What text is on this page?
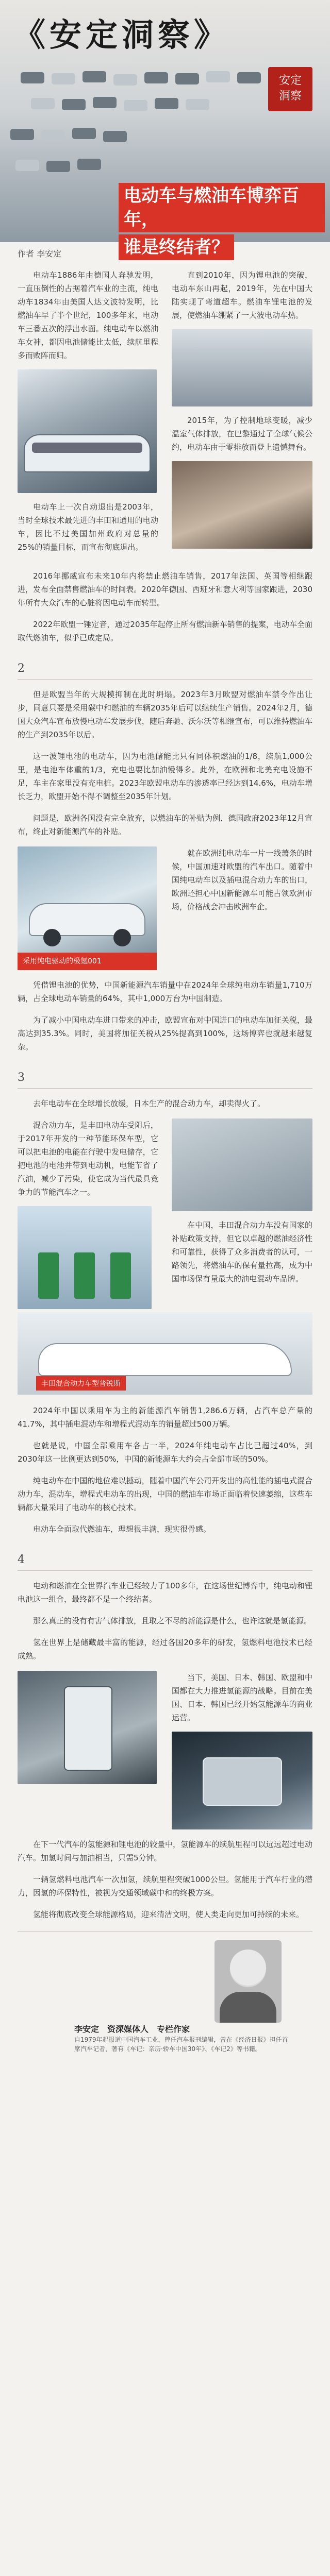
《安定洞察》
安定
洞察
电动车与燃油车博弈百年，
谁是终结者？
作者 李安定

电动车1886年由德国人奔驰发明，一直压倒性的占据着汽车业的主流，纯电动车1834年由美国人达文波特发明，比燃油车早了半个世纪，100多年来，电动车三番五次的浮出水面。纯电动车以燃油车女神，都因电池储能比太低，续航里程多而败阵而归。

电动车上一次自动退出是2003年，当时全球技术最先进的丰田和通用的电动车，因比不过美国加州政府对总量的25%的销量目标，而宣布彻底退出。

直到2010年，因为锂电池的突破，电动车东山再起，2019年，先在中国大陆实现了弯道超车。燃油车锂电池的发展，使燃油车绷紧了一大波电动车热。

2015年，为了控制地球变暖，减少温室气体排放，在巴黎通过了全球气候公约，电动车由于零排放而登上遗憾舞台。

2016年挪威宣布未来10年内将禁止燃油车销售，2017年法国、英国等相继跟进，发布全面禁售燃油车的时间表。2020年德国、西班牙和意大利等国家跟进，2030年所有大众汽车的心脏将因电动车而转型。

2022年欧盟一锤定音，通过2035年起停止所有燃油新车销售的提案，电动车全面取代燃油车，似乎已成定局。

2

但是欧盟当年的大规模抑制在此时坍塌。2023年3月欧盟对燃油车禁令作出让步，同意只要是采用碳中和燃油的车辆2035年后可以继续生产销售。2024年2月，德国大众汽车宣布放慢电动车发展步伐，随后奔驰、沃尔沃等相继宣布，可以维持燃油车的生产到2035年以后。

这一波锂电池的电动车，因为电池储能比只有同体积燃油的1/8，续航1,000公里，是电池车体重的1/3，充电也要比加油慢得多。此外，在欧洲和北美充电设施不足，车主在家里没有充电桩。2023年欧盟电动车的渗透率已经达到14.6%，电动车增长乏力，欧盟开始不得不调整至2035年计划。

问题是，欧洲各国没有完全放弃，以燃油车的补贴为例，德国政府2023年12月宣布，终止对新能源汽车的补贴。

采用纯电驱动的极氪001

就在欧洲纯电动车一片一线萧条的时候，中国加速对欧盟的汽车出口。随着中国纯电动车以及插电混合动力车的出口，欧洲还担心中国新能源车可能占领欧洲市场，价格战会冲击欧洲车企。

凭借锂电池的优势，中国新能源汽车销量中在2024年全球纯电动车销量1,710万辆，占全球电动车销量的64%，其中1,000万台为中国制造。

为了减小中国电动车进口带来的冲击，欧盟宣布对中国进口的电动车加征关税，最高达到35.3%。同时，美国将加征关税从25%提高到100%，这场博弈也就越来越复杂。

3

去年电动车在全球增长放缓，日本生产的混合动力车，却卖得火了。

混合动力车，是丰田电动车受阻后，于2017年开发的一种节能环保车型，它可以把电池的电能在行驶中发电储存，它把电池的电池并带到电动机，电能节省了汽油，减少了污染，使它成为当代最具竞争力的节能汽车之一。

在中国，丰田混合动力车没有国家的补贴政策支持，但它以卓越的燃油经济性和可靠性，获得了众多消费者的认可，一路领先，将燃油车的保有量拉高，成为中国市场保有量最大的油电混动车品牌。

丰田混合动力车型普锐斯

2024年中国以乘用车为主的新能源汽车销售1,286.6万辆，占汽车总产量的41.7%，其中插电混动车和增程式混动车的销量超过500万辆。

也就是说，中国全部乘用车各占一半，2024年纯电动车占比已超过40%，到2030年这一比例更达到50%，中国的新能源车大约会占全部市场的50%。

纯电动车在中国的地位难以撼动，随着中国汽车公司开发出的高性能的插电式混合动力车，混动车，增程式电动车的出现，中国的燃油车市场正面临着快速萎缩，这些车辆都大量采用了电动车的核心技术。

电动车全面取代燃油车，理想很丰满，现实很骨感。

4

电动和燃油在全世界汽车业已经较力了100多年，在这场世纪博弈中，纯电动和锂电池这一组合，最终都不是一个终结者。

那么真正的没有有害气体排放，且取之不尽的新能源是什么，也许这就是氢能源。

氢在世界上是储藏最丰富的能源，经过各国20多年的研发，氢燃料电池技术已经成熟。

当下，美国、日本、韩国、欧盟和中国都在大力推进氢能源的战略。目前在美国、日本、韩国已经开始氢能源车的商业运营。

在下一代汽车的氢能源和锂电池的较量中，氢能源车的续航里程可以远远超过电动汽车。加氢时间与加油相当，只需5分钟。

一辆氢燃料电池汽车一次加氢，续航里程突破1000公里。氢能用于汽车行业的潜力，因氢的环保特性，被视为交通领域碳中和的终极方案。

氢能将彻底改变全球能源格局，迎来清洁文明，使人类走向更加可持续的未来。

李安定　资深媒体人　专栏作家
自1979年起报道中国汽车工业，曾任汽车报刊编辑，曾在《经济日报》担任首席汽车记者，著有《车记：亲历·轿车中国30年》、《车记2》等书籍。
